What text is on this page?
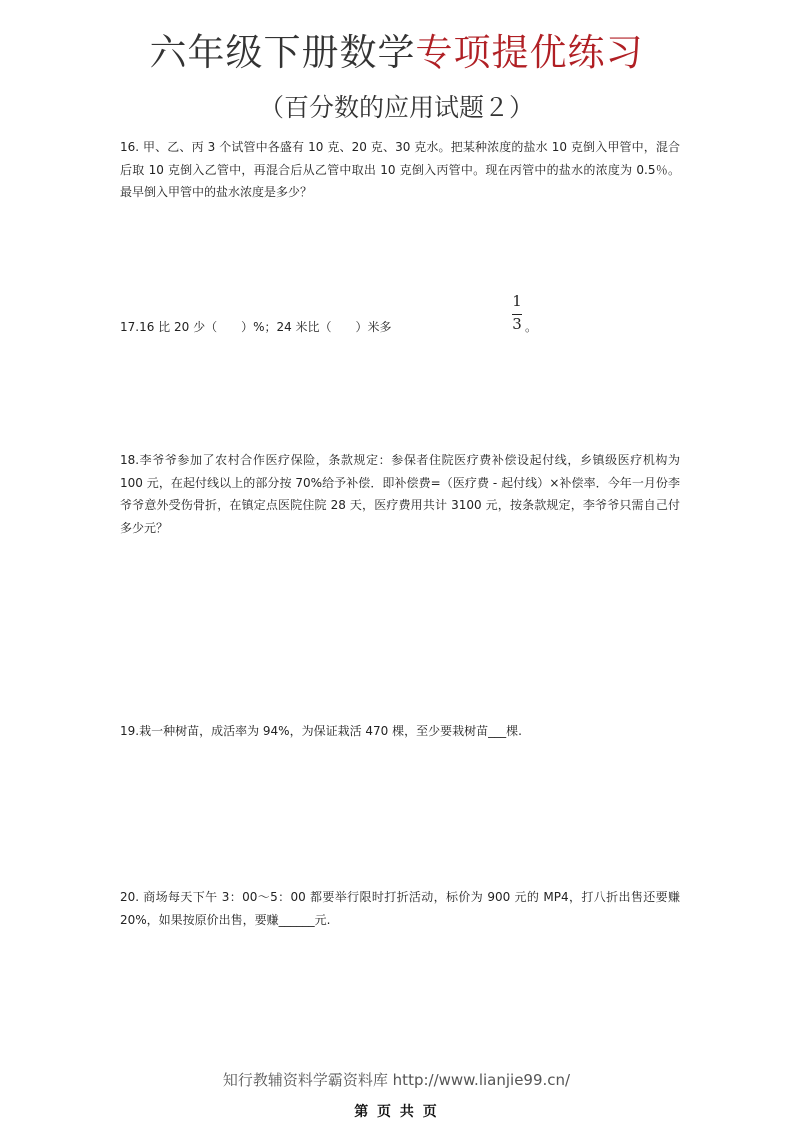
六年级下册数学专项提优练习
（百分数的应用试题２）
16. 甲、乙、丙 3 个试管中各盛有 10 克、20 克、30 克水。把某种浓度的盐水 10 克倒入甲管中，混合后取 10 克倒入乙管中，再混合后从乙管中取出 10 克倒入丙管中。现在丙管中的盐水的浓度为 0.5％。最早倒入甲管中的盐水浓度是多少？
17.16 比 20 少（　　）%；24 米比（　　）米多
1
3 。
18.李爷爷参加了农村合作医疗保险，条款规定：参保者住院医疗费补偿设起付线，乡镇级医疗机构为 100 元，在起付线以上的部分按 70%给予补偿．即补偿费=（医疗费 - 起付线）×补偿率．今年一月份李爷爷意外受伤骨折，在镇定点医院住院 28 天，医疗费用共计 3100 元，按条款规定，李爷爷只需自己付多少元？
19.栽一种树苗，成活率为 94%，为保证栽活 470 棵，至少要栽树苗___棵.
20. 商场每天下午 3：00～5：00 都要举行限时打折活动，标价为 900 元的 MP4，打八折出售还要赚 20%，如果按原价出售，要赚______元.
知行教辅资料学霸资料库 http://www.lianjie99.cn/
第 页 共 页
